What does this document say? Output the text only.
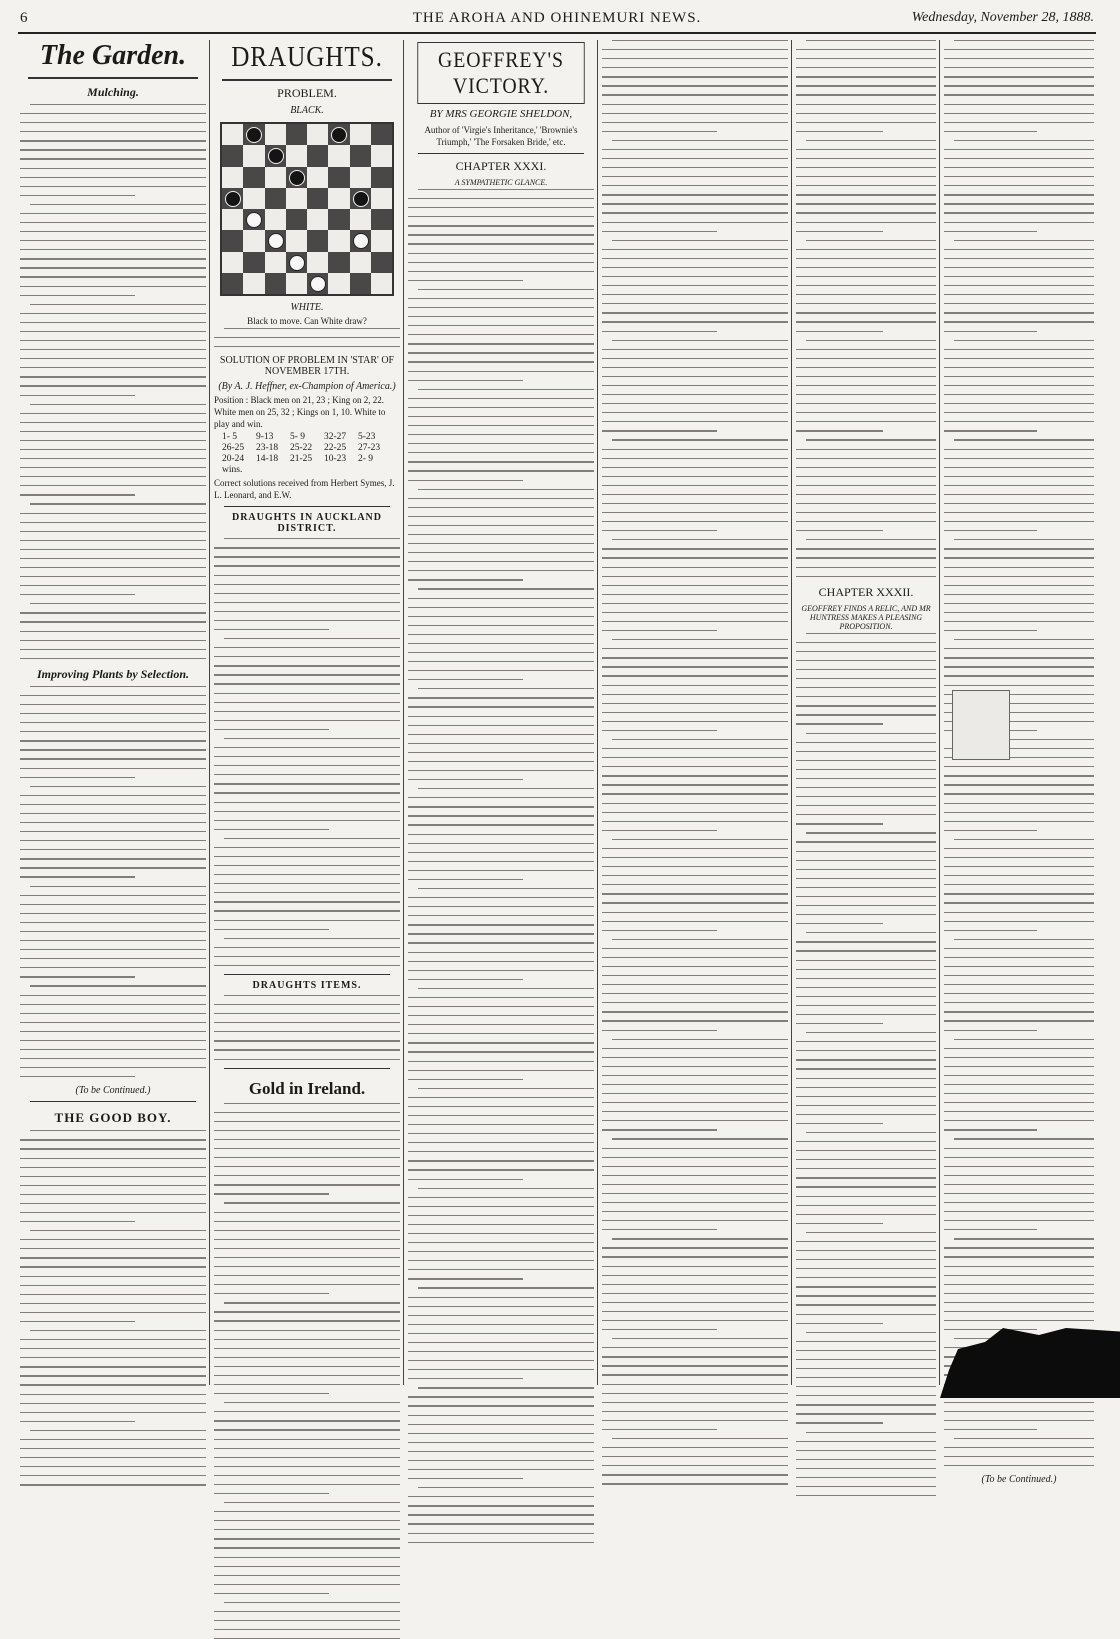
6	THE AROHA AND OHINEMURI NEWS.	Wednesday, November 28, 1888.
The Garden.
Mulching.
Improving Plants by Selection.
(To be Continued.)
THE GOOD BOY.
DRAUGHTS.
PROBLEM.
BLACK.
WHITE.
Black to move. Can White draw?
SOLUTION OF PROBLEM IN 'STAR' OF NOVEMBER 17TH.
(By A. J. Heffner, ex-Champion of America.)
Position : Black men on 21, 23 ; King on 2, 22. White men on 25, 32 ; Kings on 1, 10. White to play and win.
1- 5	9-13	5- 9	32-27	5-23
26-25	23-18	25-22	22-25	27-23
20-24	14-18	21-25	10-23	2- 9
wins.
Correct solutions received from Herbert Symes, J. L. Leonard, and E.W.
DRAUGHTS IN AUCKLAND DISTRICT.
DRAUGHTS ITEMS.
Gold in Ireland.
GEOFFREY'S VICTORY.
BY MRS GEORGIE SHELDON,
Author of 'Virgie's Inheritance,' 'Brownie's Triumph,' 'The Forsaken Bride,' etc.
CHAPTER XXXI.
A SYMPATHETIC GLANCE.
CHAPTER XXXII.
GEOFFREY FINDS A RELIC, AND MR HUNTRESS MAKES A PLEASING PROPOSITION.
(To be Continued.)
